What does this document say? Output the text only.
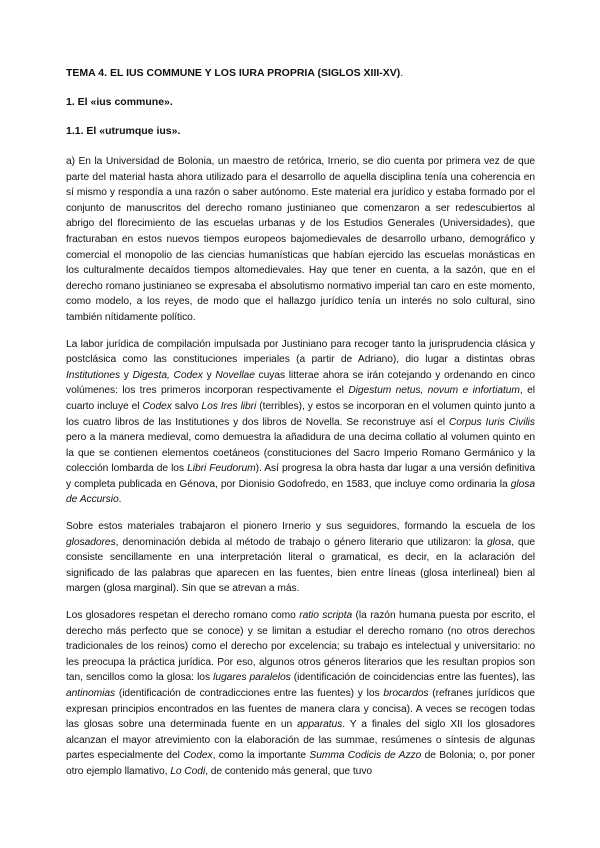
TEMA 4. EL IUS COMMUNE Y LOS IURA PROPRIA (SIGLOS XIII-XV).

1. El «ius commune».

1.1. El «utrumque ius».

a) En la Universidad de Bolonia, un maestro de retórica, Irnerio, se dio cuenta por primera vez de que parte del material hasta ahora utilizado para el desarrollo de aquella disciplina tenía una coherencia en sí mismo y respondía a una razón o saber autónomo. Este material era jurídico y estaba formado por el conjunto de manuscritos del derecho romano justinianeo que comenzaron a ser redescubiertos al abrigo del florecimiento de las escuelas urbanas y de los Estudios Generales (Universidades), que fracturaban en estos nuevos tiempos europeos bajomedievales de desarrollo urbano, demográfico y comercial el monopolio de las ciencias humanísticas que habían ejercido las escuelas monásticas en los culturalmente decaídos tiempos altomedievales. Hay que tener en cuenta, a la sazón, que en el derecho romano justinianeo se expresaba el absolutismo normativo imperial tan caro en este momento, como modelo, a los reyes, de modo que el hallazgo jurídico tenía un interés no solo cultural, sino también nítidamente político.

La labor jurídica de compilación impulsada por Justiniano para recoger tanto la jurisprudencia clásica y postclásica como las constituciones imperiales (a partir de Adriano), dio lugar a distintas obras Institutiones y Digesta, Codex y Novellae cuyas litterae ahora se irán cotejando y ordenando en cinco volúmenes: los tres primeros incorporan respectivamente el Digestum netus, novum e infortiatum, el cuarto incluye el Codex salvo Los Ires libri (terribles), y estos se incorporan en el volumen quinto junto a los cuatro libros de las Institutiones y dos libros de Novella. Se reconstruye así el Corpus Iuris Civilis pero a la manera medieval, como demuestra la añadidura de una decima collatio al volumen quinto en la que se contienen elementos coetáneos (constituciones del Sacro Imperio Romano Germánico y la colección lombarda de los Libri Feudorum). Así progresa la obra hasta dar lugar a una versión definitiva y completa publicada en Génova, por Dionisio Godofredo, en 1583, que incluye como ordinaria la glosa de Accursio.

Sobre estos materiales trabajaron el pionero Irnerio y sus seguidores, formando la escuela de los glosadores, denominación debida al método de trabajo o género literario que utilizaron: la glosa, que consiste sencillamente en una interpretación literal o gramatical, es decir, en la aclaración del significado de las palabras que aparecen en las fuentes, bien entre líneas (glosa interlineal) bien al margen (glosa marginal). Sin que se atrevan a más.

Los glosadores respetan el derecho romano como ratio scripta (la razón humana puesta por escrito, el derecho más perfecto que se conoce) y se limitan a estudiar el derecho romano (no otros derechos tradicionales de los reinos) como el derecho por excelencia; su trabajo es intelectual y universitario: no les preocupa la práctica jurídica. Por eso, algunos otros géneros literarios que les resultan propios son tan, sencillos como la glosa: los lugares paralelos (identificación de coincidencias entre las fuentes), las antinomias (identificación de contradicciones entre las fuentes) y los brocardos (refranes jurídicos que expresan principios encontrados en las fuentes de manera clara y concisa). A veces se recogen todas las glosas sobre una determinada fuente en un apparatus. Y a finales del siglo XII los glosadores alcanzan el mayor atrevimiento con la elaboración de las summae, resúmenes o síntesis de algunas partes especialmente del Codex, como la importante Summa Codicis de Azzo de Bolonia; o, por poner otro ejemplo llamativo, Lo Codi, de contenido más general, que tuvo
